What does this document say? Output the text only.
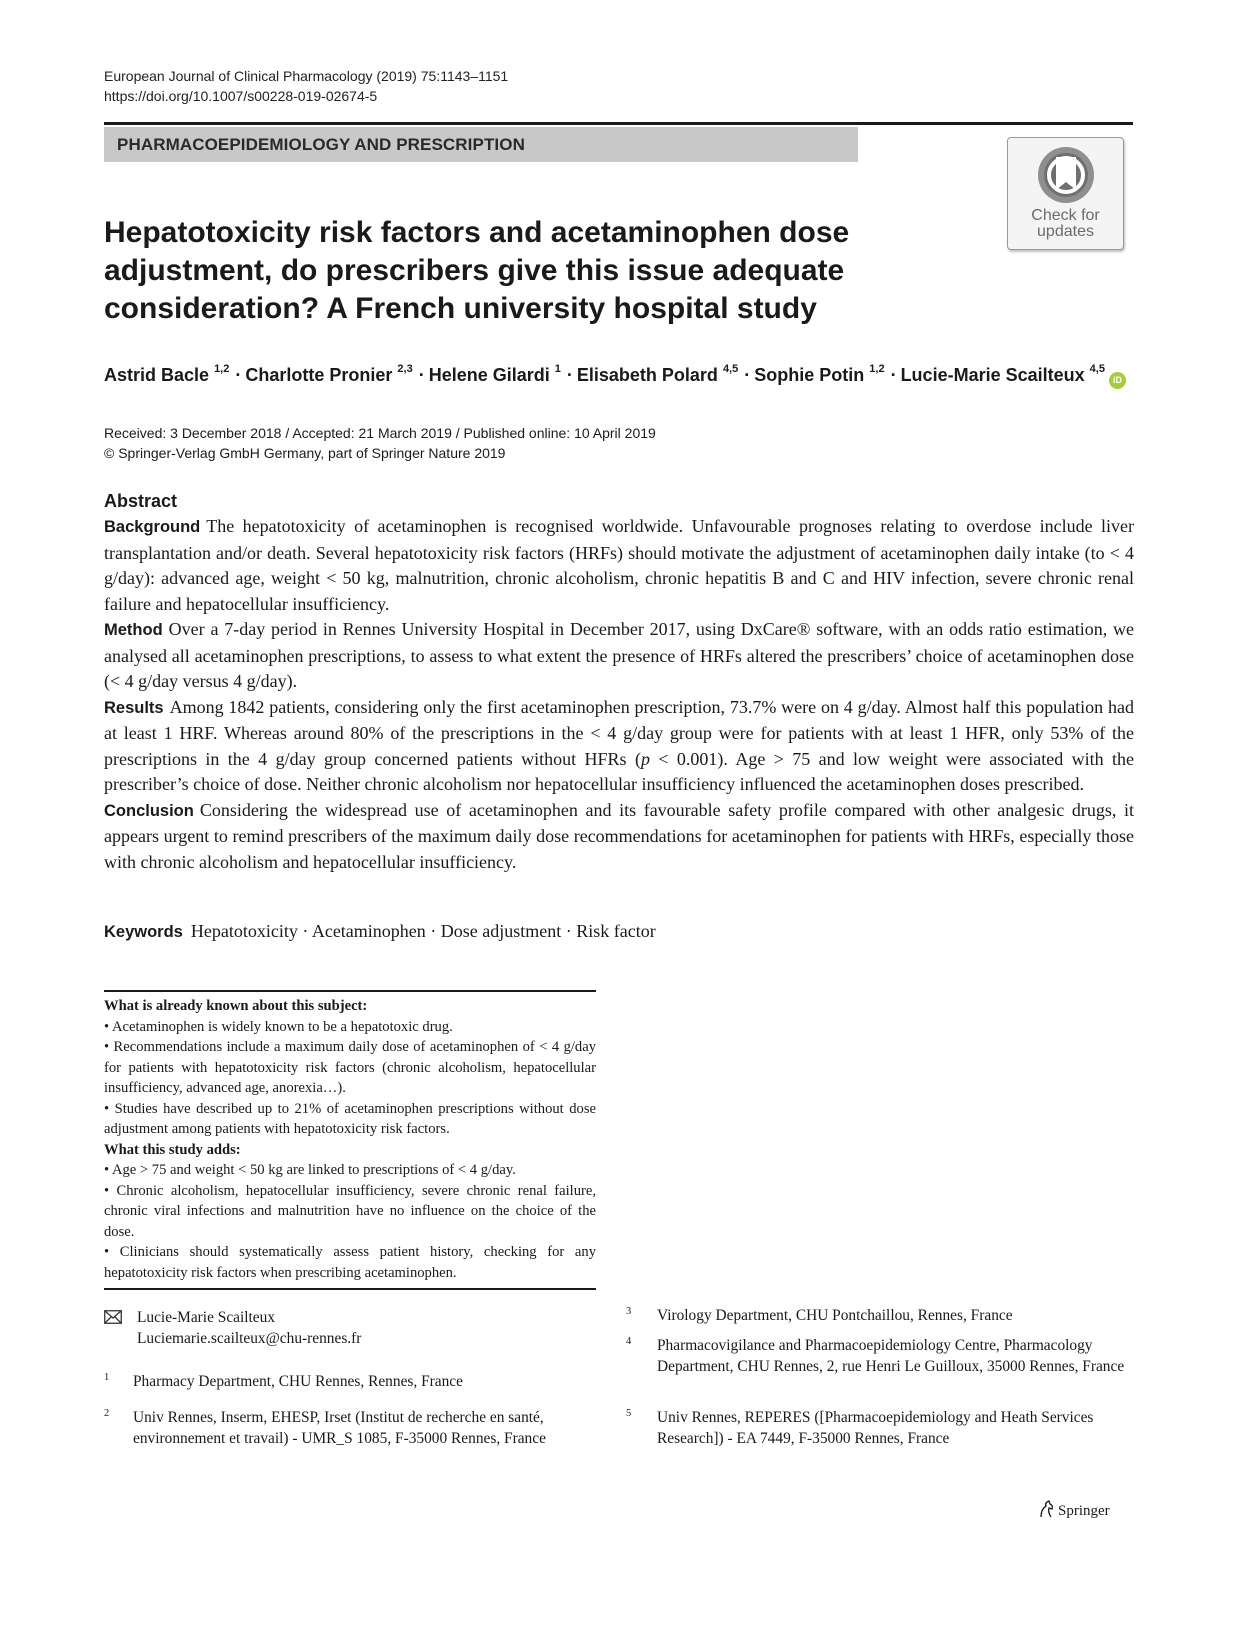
European Journal of Clinical Pharmacology (2019) 75:1143–1151
https://doi.org/10.1007/s00228-019-02674-5
PHARMACOEPIDEMIOLOGY AND PRESCRIPTION
Check for
updates
Hepatotoxicity risk factors and acetaminophen dose adjustment, do prescribers give this issue adequate consideration? A French university hospital study
Astrid Bacle $^{1,2}$ · Charlotte Pronier $^{2,3}$ · Helene Gilardi $^1$ · Elisabeth Polard $^{4,5}$ · Sophie Potin $^{1,2}$ · Lucie-Marie Scailteux $^{4,5}$iD
Received: 3 December 2018 / Accepted: 21 March 2019 / Published online: 10 April 2019
© Springer-Verlag GmbH Germany, part of Springer Nature 2019
Abstract

Background The hepatotoxicity of acetaminophen is recognised worldwide. Unfavourable prognoses relating to overdose include liver transplantation and/or death. Several hepatotoxicity risk factors (HRFs) should motivate the adjustment of acetaminophen daily intake (to < 4 g/day): advanced age, weight < 50 kg, malnutrition, chronic alcoholism, chronic hepatitis B and C and HIV infection, severe chronic renal failure and hepatocellular insufficiency.

Method Over a 7-day period in Rennes University Hospital in December 2017, using DxCare® software, with an odds ratio estimation, we analysed all acetaminophen prescriptions, to assess to what extent the presence of HRFs altered the prescribers’ choice of acetaminophen dose (< 4 g/day versus 4 g/day).

Results Among 1842 patients, considering only the first acetaminophen prescription, 73.7% were on 4 g/day. Almost half this population had at least 1 HRF. Whereas around 80% of the prescriptions in the < 4 g/day group were for patients with at least 1 HFR, only 53% of the prescriptions in the 4 g/day group concerned patients without HFRs (p < 0.001). Age > 75 and low weight were associated with the prescriber’s choice of dose. Neither chronic alcoholism nor hepatocellular insufficiency influenced the acetaminophen doses prescribed.

Conclusion Considering the widespread use of acetaminophen and its favourable safety profile compared with other analgesic drugs, it appears urgent to remind prescribers of the maximum daily dose recommendations for acetaminophen for patients with HRFs, especially those with chronic alcoholism and hepatocellular insufficiency.

Keywords Hepatotoxicity · Acetaminophen · Dose adjustment · Risk factor
What is already known about this subject:

• Acetaminophen is widely known to be a hepatotoxic drug.

• Recommendations include a maximum daily dose of acetaminophen of < 4 g/day for patients with hepatotoxicity risk factors (chronic alcoholism, hepatocellular insufficiency, advanced age, anorexia…).

• Studies have described up to 21% of acetaminophen prescriptions without dose adjustment among patients with hepatotoxicity risk factors.

What this study adds:

• Age > 75 and weight < 50 kg are linked to prescriptions of < 4 g/day.

• Chronic alcoholism, hepatocellular insufficiency, severe chronic renal failure, chronic viral infections and malnutrition have no influence on the choice of the dose.

• Clinicians should systematically assess patient history, checking for any hepatotoxicity risk factors when prescribing acetaminophen.

Lucie-Marie Scailteux
Luciemarie.scailteux@chu-rennes.fr
1 Pharmacy Department, CHU Rennes, Rennes, France
2 Univ Rennes, Inserm, EHESP, Irset (Institut de recherche en santé, environnement et travail) - UMR_S 1085, F-35000 Rennes, France
3 Virology Department, CHU Pontchaillou, Rennes, France
4 Pharmacovigilance and Pharmacoepidemiology Centre, Pharmacology Department, CHU Rennes, 2, rue Henri Le Guilloux, 35000 Rennes, France
5 Univ Rennes, REPERES ([Pharmacoepidemiology and Heath Services Research]) - EA 7449, F-35000 Rennes, France
Springer
